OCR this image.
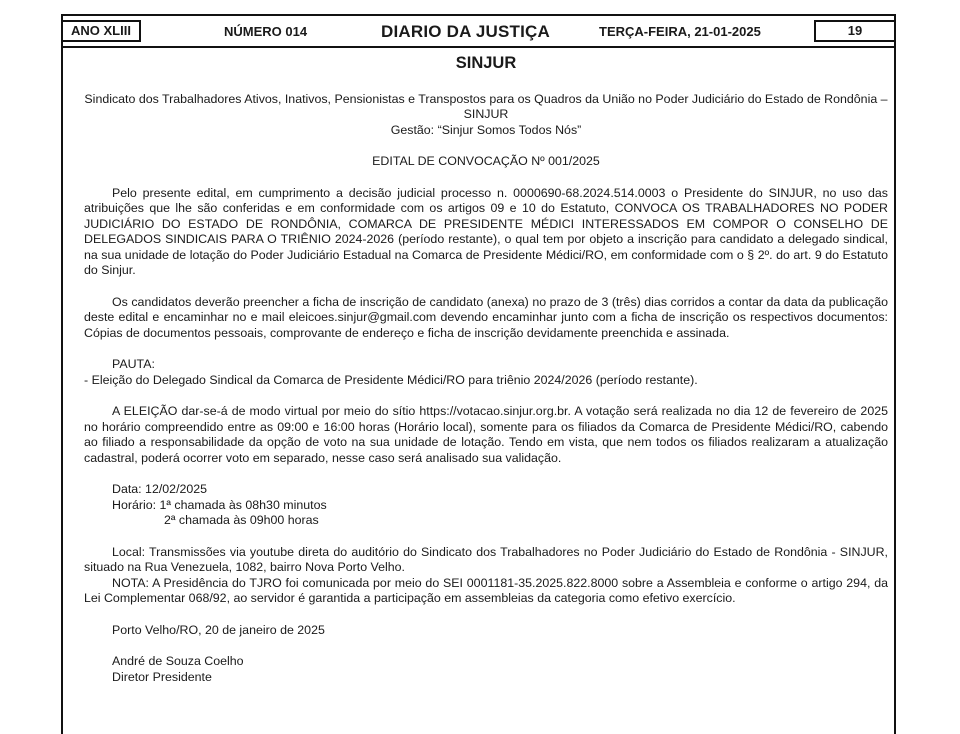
ANO XLIII	NÚMERO 014	DIARIO DA JUSTIÇA	TERÇA-FEIRA, 21-01-2025	19
SINJUR

Sindicato dos Trabalhadores Ativos, Inativos, Pensionistas e Transpostos para os Quadros da União no Poder Judiciário do Estado de Rondônia – SINJUR

Gestão: “Sinjur Somos Todos Nós”

EDITAL DE CONVOCAÇÃO Nº 001/2025

Pelo presente edital, em cumprimento a decisão judicial processo n. 0000690-68.2024.514.0003 o Presidente do SINJUR, no uso das atribuições que lhe são conferidas e em conformidade com os artigos 09 e 10 do Estatuto, CONVOCA OS TRABALHADORES NO PODER JUDICIÁRIO DO ESTADO DE RONDÔNIA, COMARCA DE PRESIDENTE MÉDICI INTERESSADOS EM COMPOR O CONSELHO DE DELEGADOS SINDICAIS PARA O TRIÊNIO 2024-2026 (período restante), o qual tem por objeto a inscrição para candidato a delegado sindical, na sua unidade de lotação do Poder Judiciário Estadual na Comarca de Presidente Médici/RO, em conformidade com o § 2º. do art. 9 do Estatuto do Sinjur.

Os candidatos deverão preencher a ficha de inscrição de candidato (anexa) no prazo de 3 (três) dias corridos a contar da data da publicação deste edital e encaminhar no e mail eleicoes.sinjur@gmail.com devendo encaminhar junto com a ficha de inscrição os respectivos documentos: Cópias de documentos pessoais, comprovante de endereço e ficha de inscrição devidamente preenchida e assinada.

PAUTA:

- Eleição do Delegado Sindical da Comarca de Presidente Médici/RO para triênio 2024/2026 (período restante).

A ELEIÇÃO dar-se-á de modo virtual por meio do sítio https://votacao.sinjur.org.br. A votação será realizada no dia 12 de fevereiro de 2025 no horário compreendido entre as 09:00 e 16:00 horas (Horário local), somente para os filiados da Comarca de Presidente Médici/RO, cabendo ao filiado a responsabilidade da opção de voto na sua unidade de lotação. Tendo em vista, que nem todos os filiados realizaram a atualização cadastral, poderá ocorrer voto em separado, nesse caso será analisado sua validação.

Data: 12/02/2025

Horário: 1ª chamada às 08h30 minutos

2ª chamada às 09h00 horas

Local: Transmissões via youtube direta do auditório do Sindicato dos Trabalhadores no Poder Judiciário do Estado de Rondônia - SINJUR, situado na Rua Venezuela, 1082, bairro Nova Porto Velho.

NOTA: A Presidência do TJRO foi comunicada por meio do SEI 0001181-35.2025.822.8000 sobre a Assembleia e conforme o artigo 294, da Lei Complementar 068/92, ao servidor é garantida a participação em assembleias da categoria como efetivo exercício.

Porto Velho/RO, 20 de janeiro de 2025

André de Souza Coelho

Diretor Presidente
